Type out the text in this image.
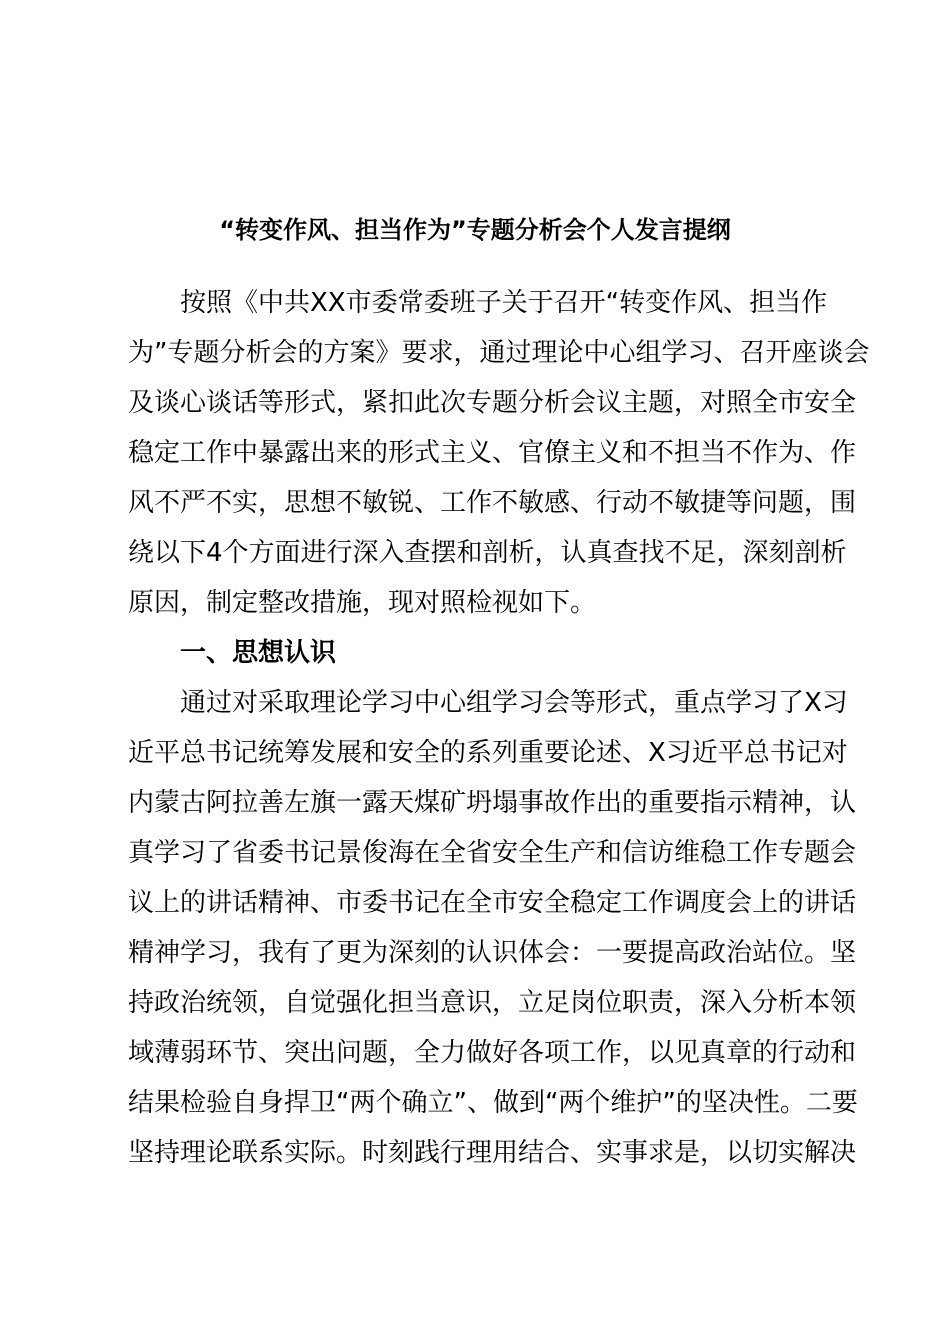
“转变作风、担当作为”专题分析会个人发言提纲
按照《中共XX市委常委班子关于召开“转变作风、担当作
为”专题分析会的方案》要求，通过理论中心组学习、召开座谈会
及谈心谈话等形式，紧扣此次专题分析会议主题，对照全市安全
稳定工作中暴露出来的形式主义、官僚主义和不担当不作为、作
风不严不实，思想不敏锐、工作不敏感、行动不敏捷等问题，围
绕以下4个方面进行深入查摆和剖析，认真查找不足，深刻剖析
原因，制定整改措施，现对照检视如下。
一、思想认识
通过对采取理论学习中心组学习会等形式，重点学习了X习
近平总书记统筹发展和安全的系列重要论述、X习近平总书记对
内蒙古阿拉善左旗一露天煤矿坍塌事故作出的重要指示精神，认
真学习了省委书记景俊海在全省安全生产和信访维稳工作专题会
议上的讲话精神、市委书记在全市安全稳定工作调度会上的讲话
精神学习，我有了更为深刻的认识体会：一要提高政治站位。坚
持政治统领，自觉强化担当意识，立足岗位职责，深入分析本领
域薄弱环节、突出问题，全力做好各项工作，以见真章的行动和
结果检验自身捍卫“两个确立”、做到“两个维护”的坚决性。二要
坚持理论联系实际。时刻践行理用结合、实事求是，以切实解决
